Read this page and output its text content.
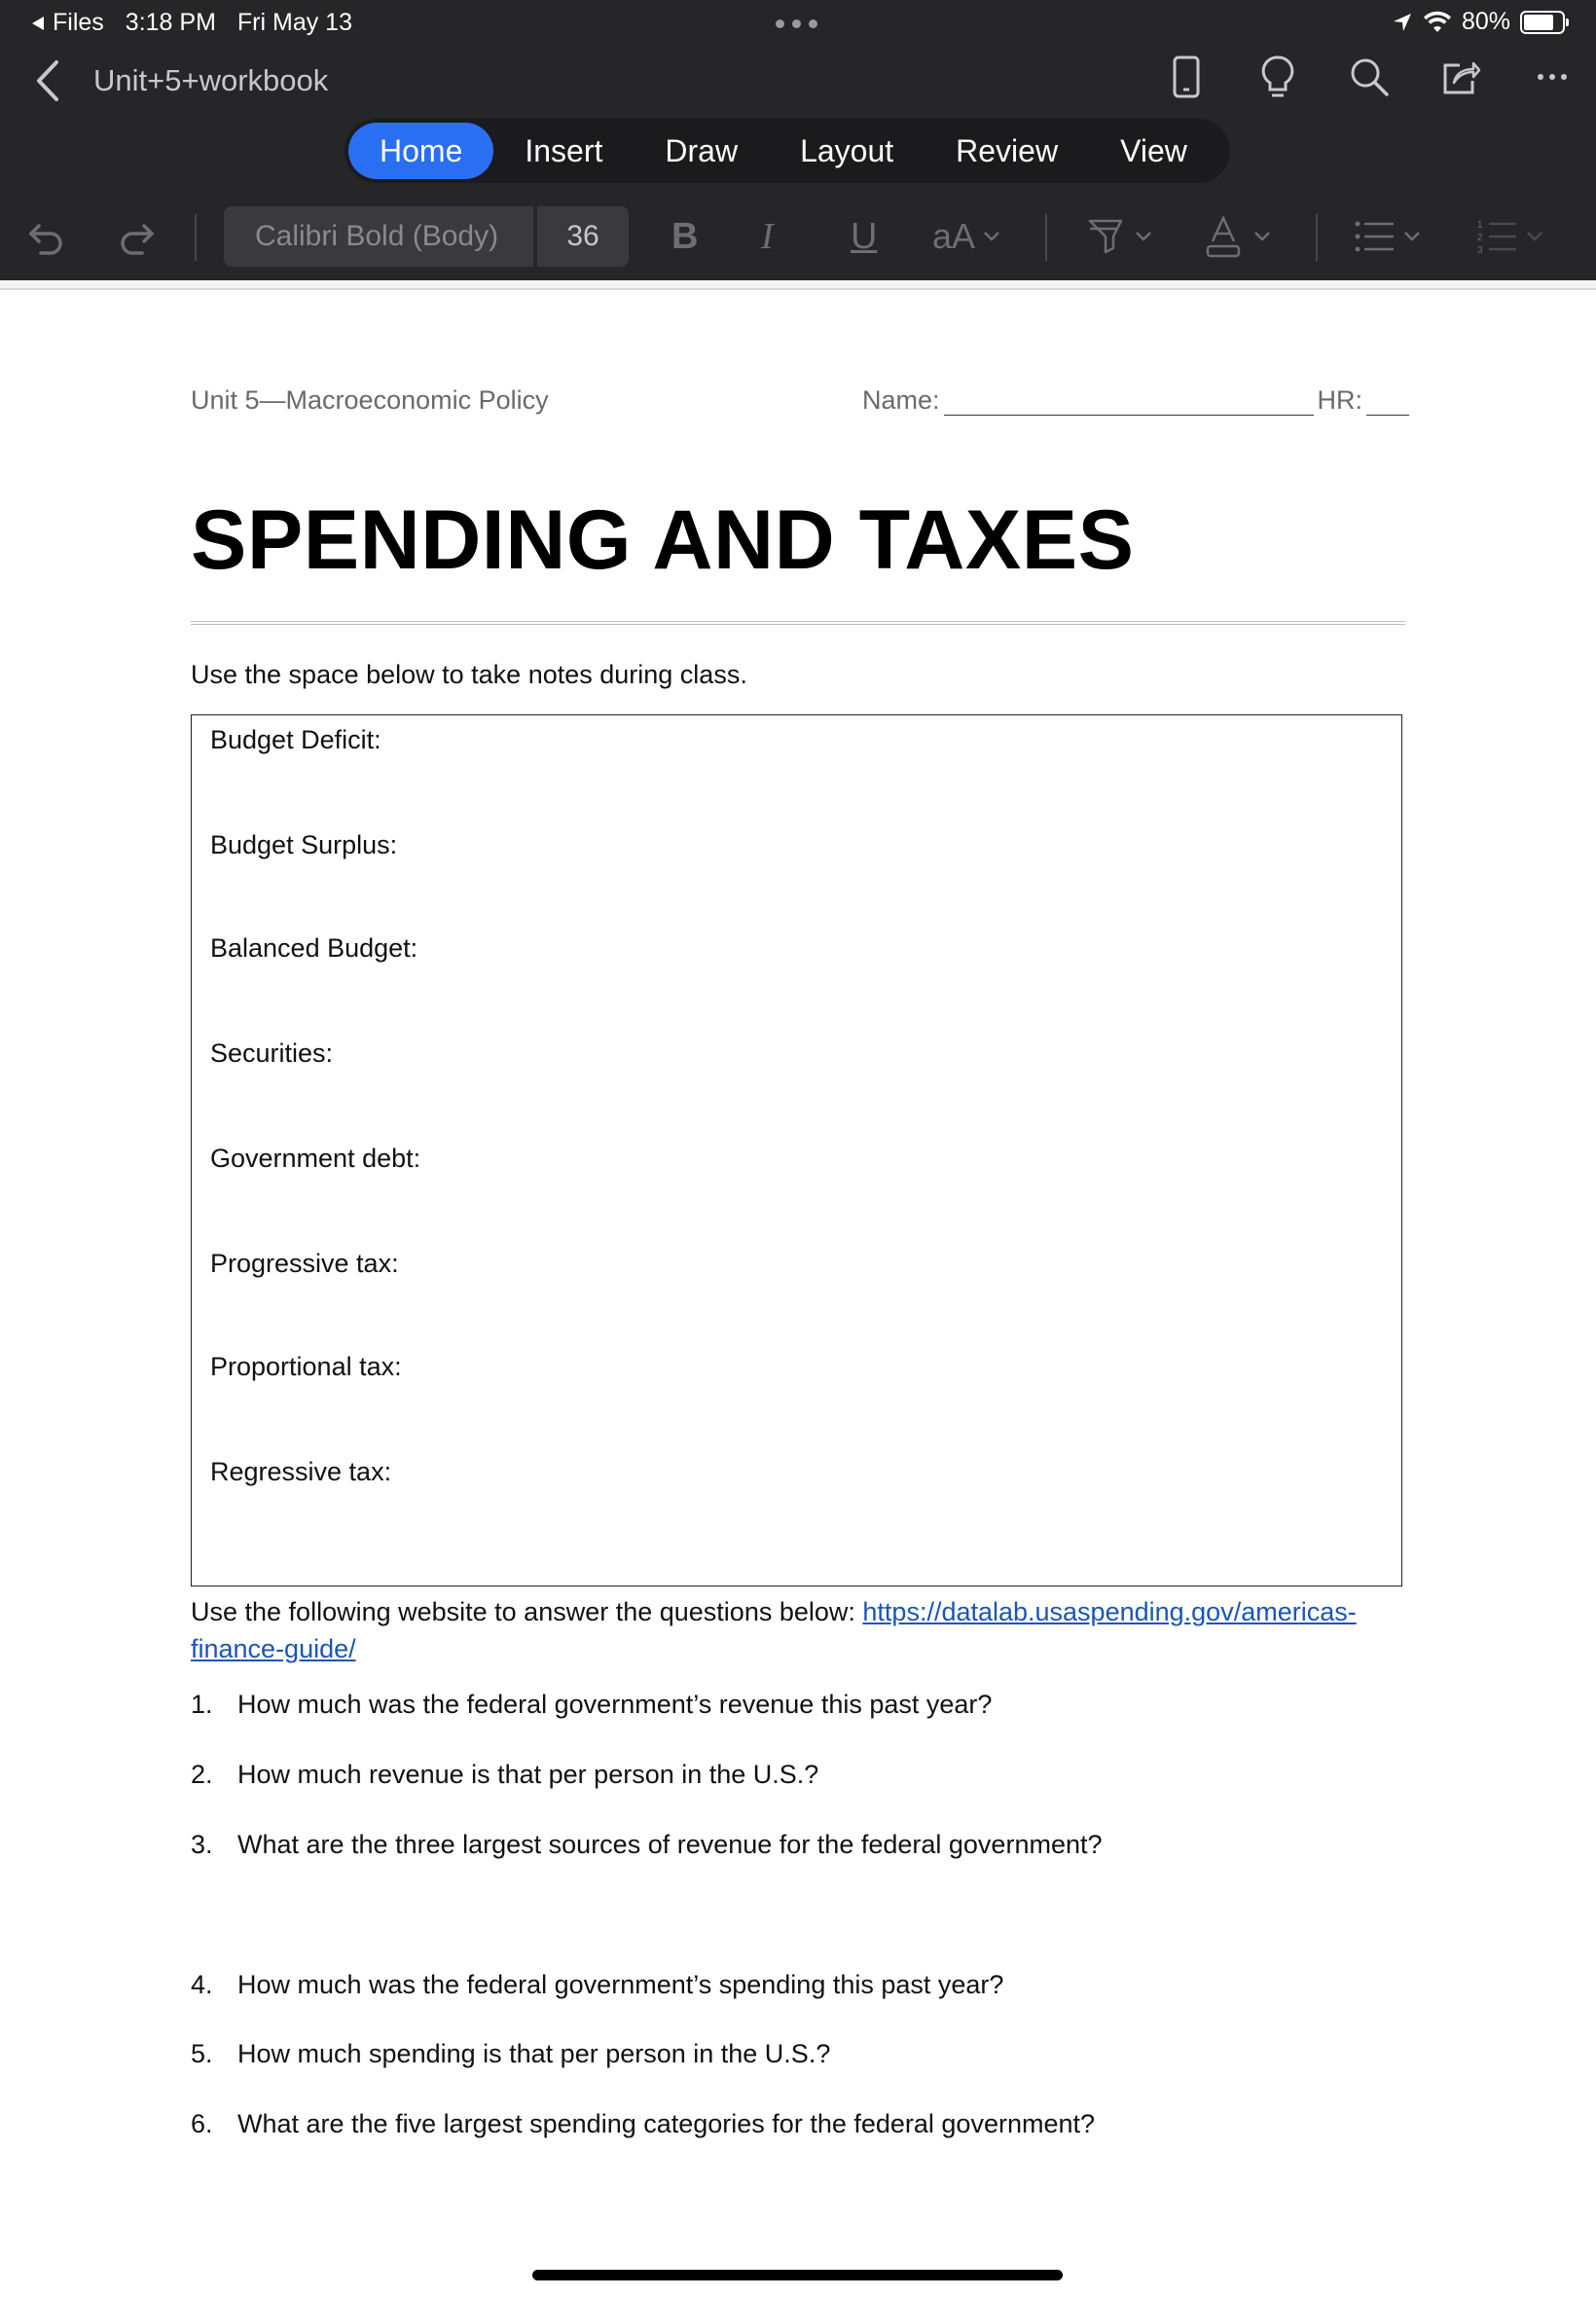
Files 3:18 PM Fri May 13	80%
Unit+5+workbook
Home	Insert	Draw	Layout	Review	View
Calibri Bold (Body)	36	B I U aA	1
2
3
Unit 5—Macroeconomic Policy	Name:	HR:
SPENDING AND TAXES
Use the space below to take notes during class.
Budget Deficit:
Budget Surplus:
Balanced Budget:
Securities:
Government debt:
Progressive tax:
Proportional tax:
Regressive tax:
Use the following website to answer the questions below: https://datalab.usaspending.gov/americas-finance-guide/
1. How much was the federal government’s revenue this past year?
2. How much revenue is that per person in the U.S.?
3. What are the three largest sources of revenue for the federal government?
4. How much was the federal government’s spending this past year?
5. How much spending is that per person in the U.S.?
6. What are the five largest spending categories for the federal government?
